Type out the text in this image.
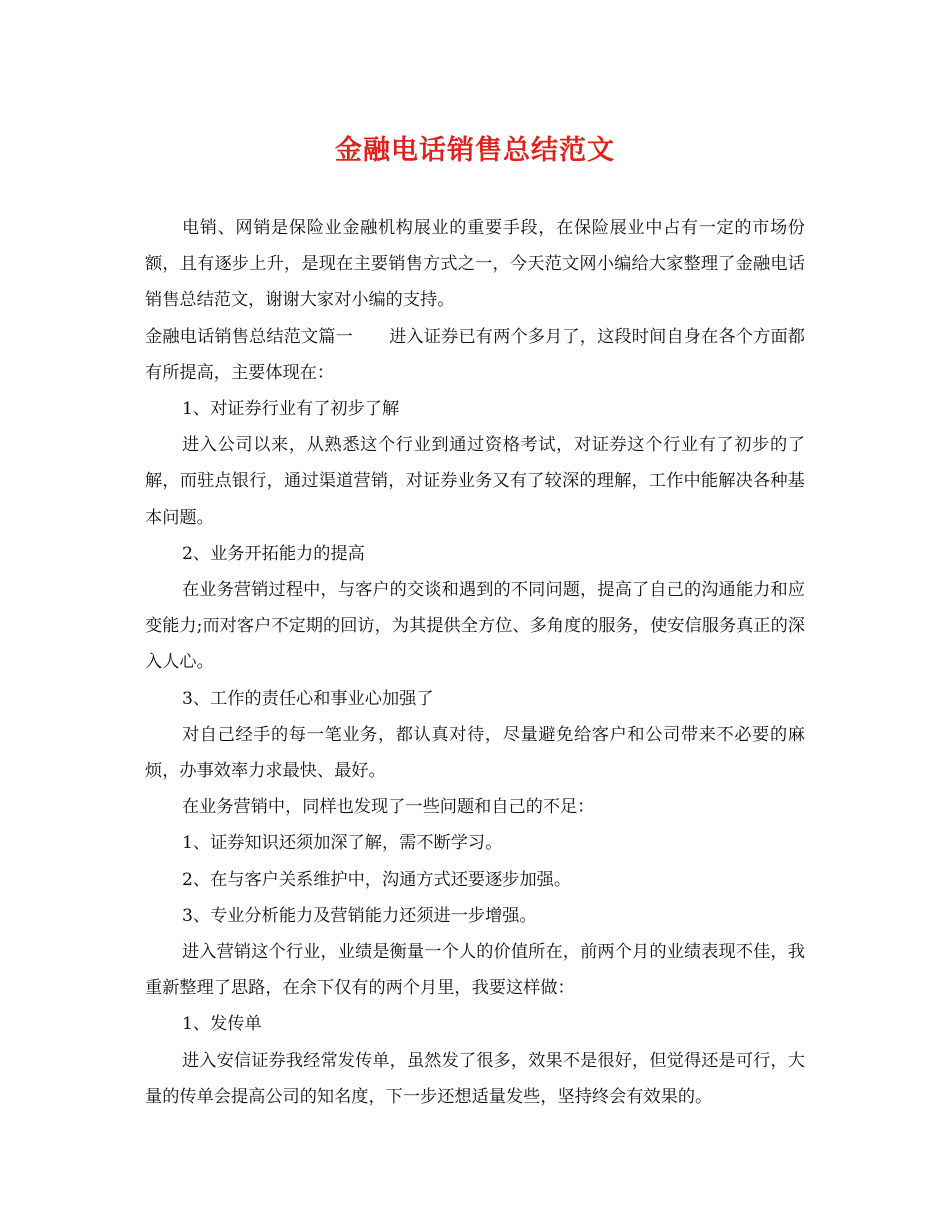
金融电话销售总结范文

电销、网销是保险业金融机构展业的重要手段，在保险展业中占有一定的市场份额，且有逐步上升，是现在主要销售方式之一，今天范文网小编给大家整理了金融电话销售总结范文，谢谢大家对小编的支持。

金融电话销售总结范文篇一 进入证券已有两个多月了，这段时间自身在各个方面都有所提高，主要体现在：

1、对证券行业有了初步了解

进入公司以来，从熟悉这个行业到通过资格考试，对证券这个行业有了初步的了解，而驻点银行，通过渠道营销，对证券业务又有了较深的理解，工作中能解决各种基本问题。

2、业务开拓能力的提高

在业务营销过程中，与客户的交谈和遇到的不同问题，提高了自己的沟通能力和应变能力;而对客户不定期的回访，为其提供全方位、多角度的服务，使安信服务真正的深入人心。

3、工作的责任心和事业心加强了

对自己经手的每一笔业务，都认真对待，尽量避免给客户和公司带来不必要的麻烦，办事效率力求最快、最好。

在业务营销中，同样也发现了一些问题和自己的不足：

1、证券知识还须加深了解，需不断学习。

2、在与客户关系维护中，沟通方式还要逐步加强。

3、专业分析能力及营销能力还须进一步增强。

进入营销这个行业，业绩是衡量一个人的价值所在，前两个月的业绩表现不佳，我重新整理了思路，在余下仅有的两个月里，我要这样做：

1、发传单

进入安信证券我经常发传单，虽然发了很多，效果不是很好，但觉得还是可行，大量的传单会提高公司的知名度，下一步还想适量发些，坚持终会有效果的。
